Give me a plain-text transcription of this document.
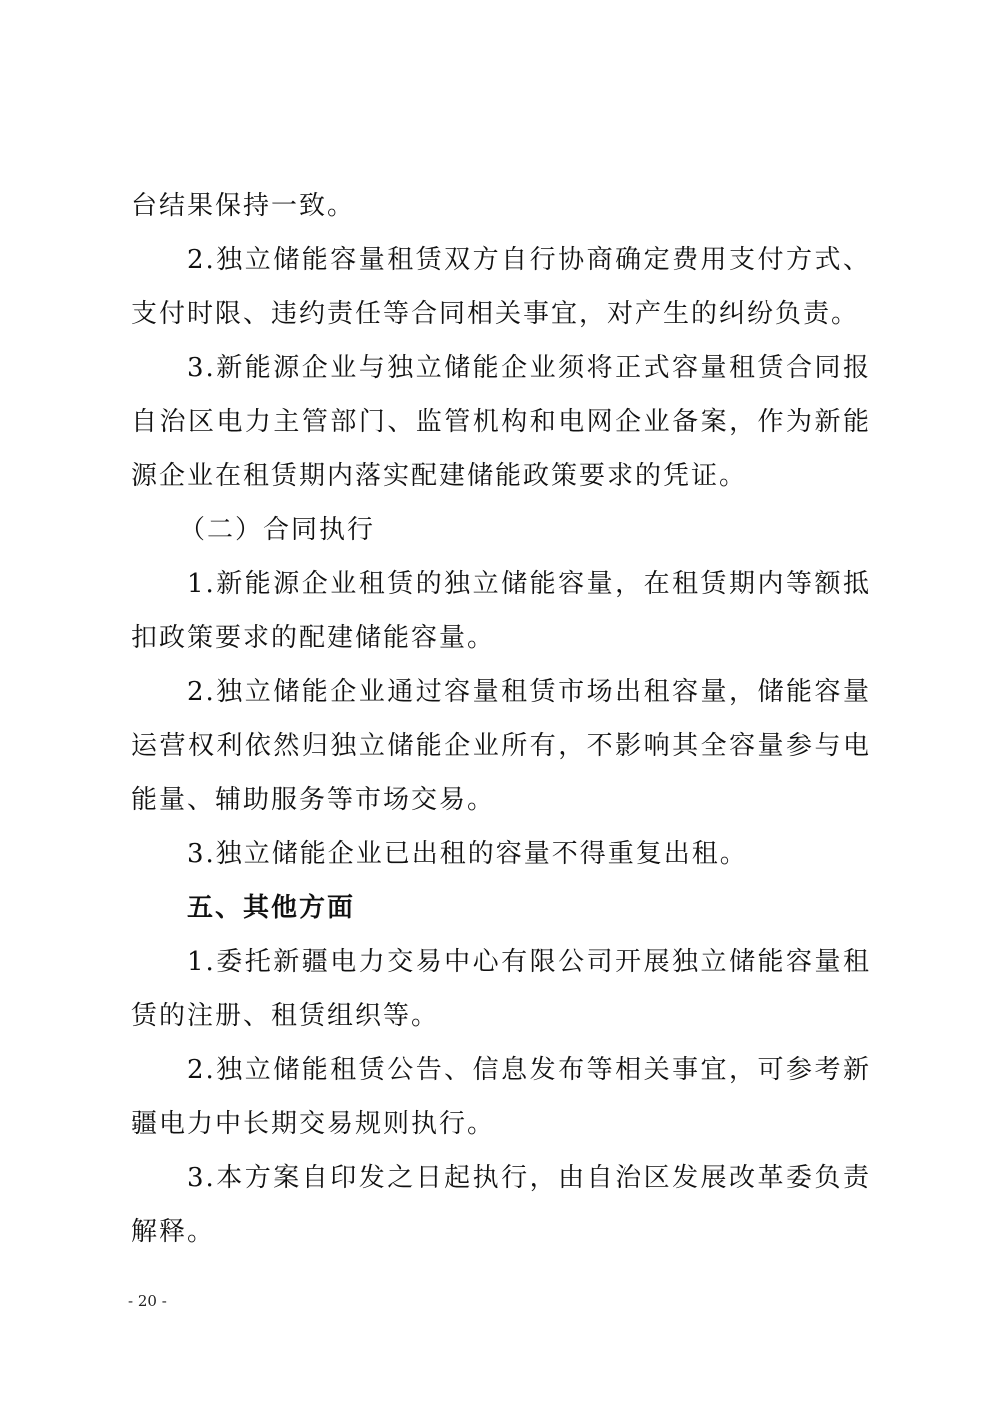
台结果保持一致。

2.独立储能容量租赁双方自行协商确定费用支付方式、支付时限、违约责任等合同相关事宜，对产生的纠纷负责。

3.新能源企业与独立储能企业须将正式容量租赁合同报自治区电力主管部门、监管机构和电网企业备案，作为新能源企业在租赁期内落实配建储能政策要求的凭证。

（二）合同执行

1.新能源企业租赁的独立储能容量，在租赁期内等额抵扣政策要求的配建储能容量。

2.独立储能企业通过容量租赁市场出租容量，储能容量运营权利依然归独立储能企业所有，不影响其全容量参与电能量、辅助服务等市场交易。

3.独立储能企业已出租的容量不得重复出租。

五、其他方面

1.委托新疆电力交易中心有限公司开展独立储能容量租赁的注册、租赁组织等。

2.独立储能租赁公告、信息发布等相关事宜，可参考新疆电力中长期交易规则执行。

3.本方案自印发之日起执行，由自治区发展改革委负责解释。

- 20 -
